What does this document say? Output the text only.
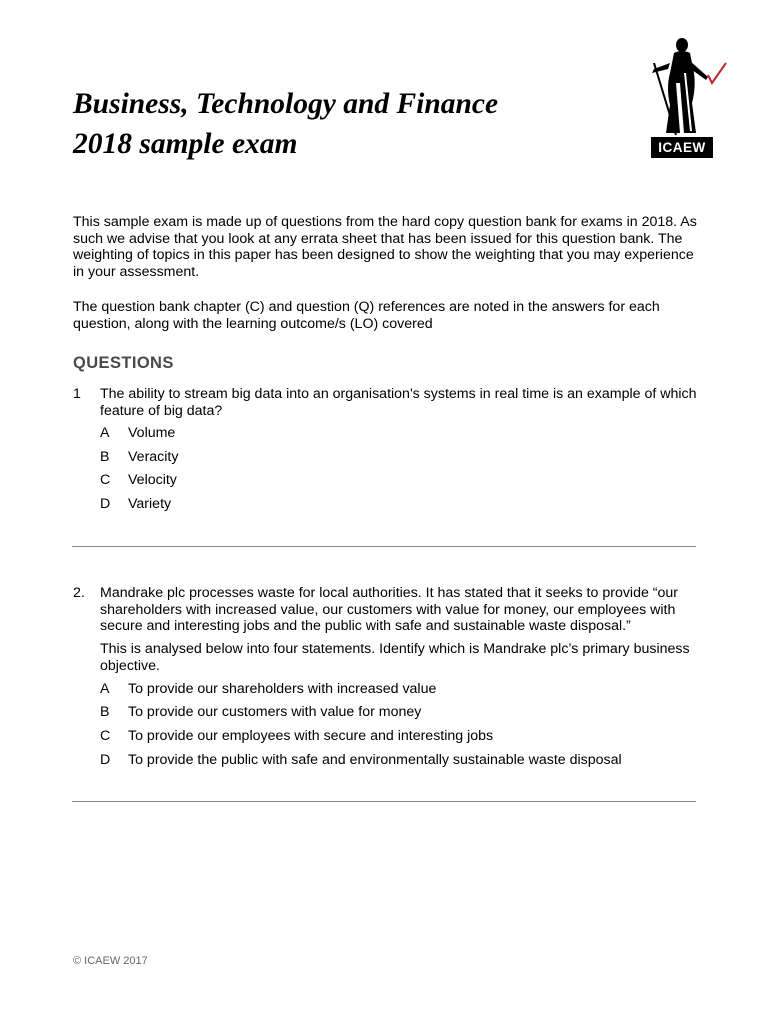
Business, Technology and Finance
2018 sample exam	ICAEW
This sample exam is made up of questions from the hard copy question bank for exams in 2018. As such we advise that you look at any errata sheet that has been issued for this question bank. The weighting of topics in this paper has been designed to show the weighting that you may experience in your assessment.
The question bank chapter (C) and question (Q) references are noted in the answers for each question, along with the learning outcome/s (LO) covered
QUESTIONS
1 The ability to stream big data into an organisation's systems in real time is an example of which feature of big data?
A Volume
B Veracity
C Velocity
D Variety
2. Mandrake plc processes waste for local authorities. It has stated that it seeks to provide “our shareholders with increased value, our customers with value for money, our employees with secure and interesting jobs and the public with safe and sustainable waste disposal.”
This is analysed below into four statements. Identify which is Mandrake plc’s primary business objective.
A To provide our shareholders with increased value
B To provide our customers with value for money
C To provide our employees with secure and interesting jobs
D To provide the public with safe and environmentally sustainable waste disposal
© ICAEW 2017
